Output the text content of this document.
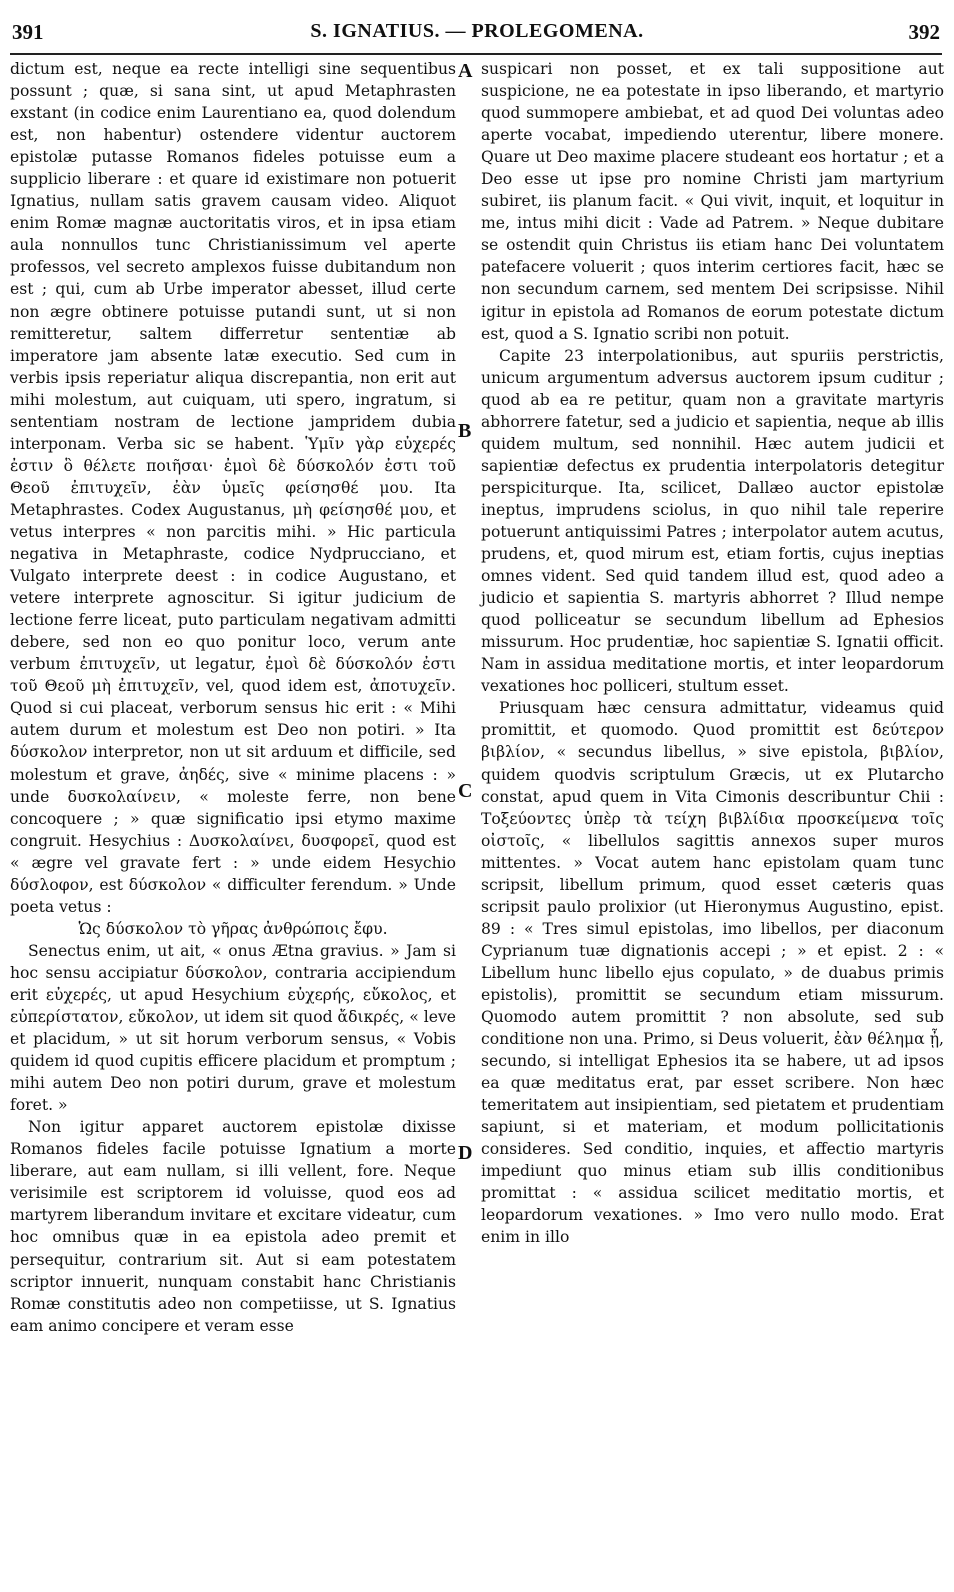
391	S. IGNATIUS. — PROLEGOMENA.	392

dictum est, neque ea recte intelligi sine sequentibus possunt ; quæ, si sana sint, ut apud Metaphrasten exstant (in codice enim Laurentiano ea, quod dolendum est, non habentur) ostendere videntur auctorem epistolæ putasse Romanos fideles potuisse eum a supplicio liberare : et quare id existimare non potuerit Ignatius, nullam satis gravem causam video. Aliquot enim Romæ magnæ auctoritatis viros, et in ipsa etiam aula nonnullos tunc Christianissimum vel aperte professos, vel secreto amplexos fuisse dubitandum non est ; qui, cum ab Urbe imperator abesset, illud certe non ægre obtinere potuisse putandi sunt, ut si non remitteretur, saltem differretur sententiæ ab imperatore jam absente latæ executio. Sed cum in verbis ipsis reperiatur aliqua discrepantia, non erit aut mihi molestum, aut cuiquam, uti spero, ingratum, si sententiam nostram de lectione jampridem dubia interponam. Verba sic se habent. Ὑμῖν γὰρ εὐχερές ἐστιν ὃ θέλετε ποιῆσαι· ἐμοὶ δὲ δύσκολόν ἐστι τοῦ Θεοῦ ἐπιτυχεῖν, ἐὰν ὑμεῖς φείσησθέ μου. Ita Metaphrastes. Codex Augustanus, μὴ φείσησθέ μου, et vetus interpres « non parcitis mihi. » Hic particula negativa in Metaphraste, codice Nydprucciano, et Vulgato interprete deest : in codice Augustano, et vetere interprete agnoscitur. Si igitur judicium de lectione ferre liceat, puto particulam negativam admitti debere, sed non eo quo ponitur loco, verum ante verbum ἐπιτυχεῖν, ut legatur, ἐμοὶ δὲ δύσκολόν ἐστι τοῦ Θεοῦ μὴ ἐπιτυχεῖν, vel, quod idem est, ἀποτυχεῖν. Quod si cui placeat, verborum sensus hic erit : « Mihi autem durum et molestum est Deo non potiri. » Ita δύσκολον interpretor, non ut sit arduum et difficile, sed molestum et grave, ἀηδές, sive « minime placens : » unde δυσκολαίνειν, « moleste ferre, non bene concoquere ; » quæ significatio ipsi etymo maxime congruit. Hesychius : Δυσκολαίνει, δυσφορεῖ, quod est « ægre vel gravate fert : » unde eidem Hesychio δύσλοφον, est δύσκολον « difficulter ferendum. » Unde poeta vetus :

Ὡς δύσκολον τὸ γῆρας ἀνθρώποις ἔφυ.

Senectus enim, ut ait, « onus Ætna gravius. » Jam si hoc sensu accipiatur δύσκολον, contraria accipiendum erit εὐχερές, ut apud Hesychium εὐχερής, εὔκολος, et εὐπερίστατον, εὔκολον, ut idem sit quod ἄδικρές, « leve et placidum, » ut sit horum verborum sensus, « Vobis quidem id quod cupitis efficere placidum et promptum ; mihi autem Deo non potiri durum, grave et molestum foret. »

Non igitur apparet auctorem epistolæ dixisse Romanos fideles facile potuisse Ignatium a morte liberare, aut eam nullam, si illi vellent, fore. Neque verisimile est scriptorem id voluisse, quod eos ad martyrem liberandum invitare et excitare videatur, cum hoc omnibus quæ in ea epistola adeo premit et persequitur, contrarium sit. Aut si eam potestatem scriptor innuerit, nunquam constabit hanc Christianis Romæ constitutis adeo non competiisse, ut S. Ignatius eam animo concipere et veram esse

A
B
C
D

suspicari non posset, et ex tali suppositione aut suspicione, ne ea potestate in ipso liberando, et martyrio quod summopere ambiebat, et ad quod Dei voluntas adeo aperte vocabat, impediendo uterentur, libere monere. Quare ut Deo maxime placere studeant eos hortatur ; et a Deo esse ut ipse pro nomine Christi jam martyrium subiret, iis planum facit. « Qui vivit, inquit, et loquitur in me, intus mihi dicit : Vade ad Patrem. » Neque dubitare se ostendit quin Christus iis etiam hanc Dei voluntatem patefacere voluerit ; quos interim certiores facit, hæc se non secundum carnem, sed mentem Dei scripsisse. Nihil igitur in epistola ad Romanos de eorum potestate dictum est, quod a S. Ignatio scribi non potuit.

Capite 23 interpolationibus, aut spuriis perstrictis, unicum argumentum adversus auctorem ipsum cuditur ; quod ab ea re petitur, quam non a gravitate martyris abhorrere fatetur, sed a judicio et sapientia, neque ab illis quidem multum, sed nonnihil. Hæc autem judicii et sapientiæ defectus ex prudentia interpolatoris detegitur perspiciturque. Ita, scilicet, Dallæo auctor epistolæ ineptus, imprudens sciolus, in quo nihil tale reperire potuerunt antiquissimi Patres ; interpolator autem acutus, prudens, et, quod mirum est, etiam fortis, cujus ineptias omnes vident. Sed quid tandem illud est, quod adeo a judicio et sapientia S. martyris abhorret ? Illud nempe quod polliceatur se secundum libellum ad Ephesios missurum. Hoc prudentiæ, hoc sapientiæ S. Ignatii officit. Nam in assidua meditatione mortis, et inter leopardorum vexationes hoc polliceri, stultum esset.

Priusquam hæc censura admittatur, videamus quid promittit, et quomodo. Quod promittit est δεύτερον βιβλίον, « secundus libellus, » sive epistola, βιβλίον, quidem quodvis scriptulum Græcis, ut ex Plutarcho constat, apud quem in Vita Cimonis describuntur Chii : Τοξεύοντες ὑπὲρ τὰ τείχη βιβλίδια προσκείμενα τοῖς οἰστοῖς, « libellulos sagittis annexos super muros mittentes. » Vocat autem hanc epistolam quam tunc scripsit, libellum primum, quod esset cæteris quas scripsit paulo prolixior (ut Hieronymus Augustino, epist. 89 : « Tres simul epistolas, imo libellos, per diaconum Cyprianum tuæ dignationis accepi ; » et epist. 2 : « Libellum hunc libello ejus copulato, » de duabus primis epistolis), promittit se secundum etiam missurum. Quomodo autem promittit ? non absolute, sed sub conditione non una. Primo, si Deus voluerit, ἐὰν θέλημα ᾖ, secundo, si intelligat Ephesios ita se habere, ut ad ipsos ea quæ meditatus erat, par esset scribere. Non hæc temeritatem aut insipientiam, sed pietatem et prudentiam sapiunt, si et materiam, et modum pollicitationis consideres. Sed conditio, inquies, et affectio martyris impediunt quo minus etiam sub illis conditionibus promittat : « assidua scilicet meditatio mortis, et leopardorum vexationes. » Imo vero nullo modo. Erat enim in illo
